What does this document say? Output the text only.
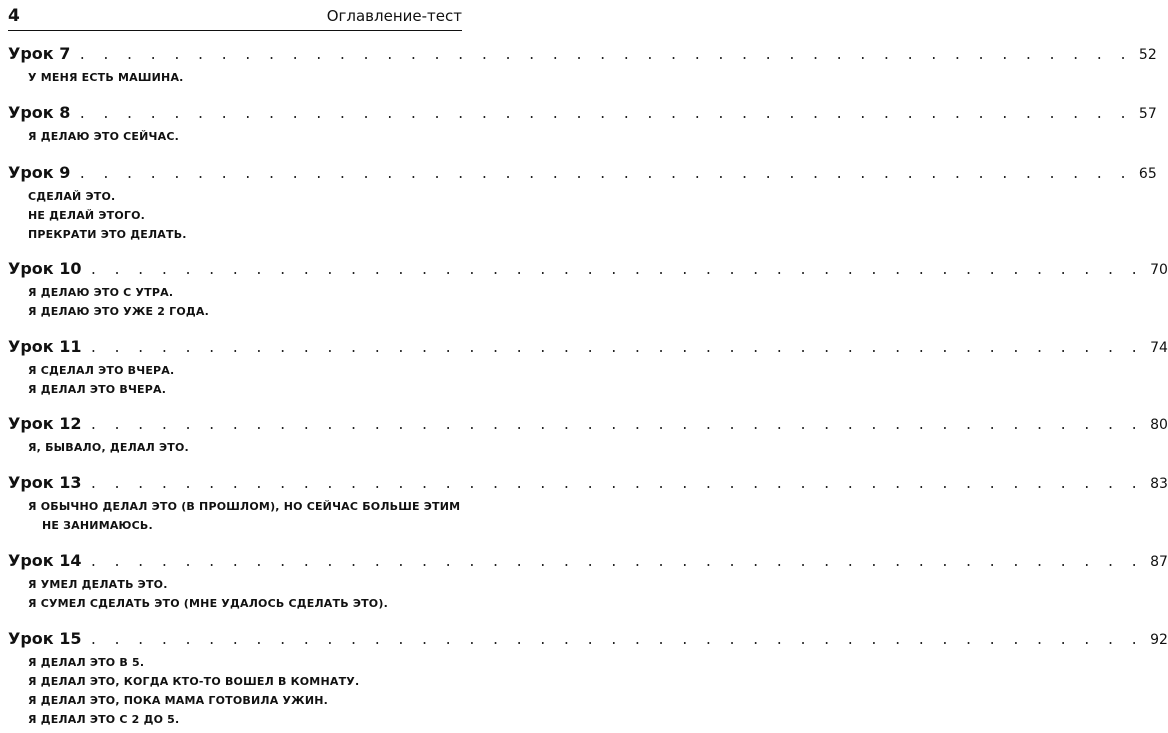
4	Оглавление-тест
Урок 7 . . . . . . . . . . . . . . . . . . . . . . . . . . . . . . . . . . . . . . . . . . . . . 52
У МЕНЯ ЕСТЬ МАШИНА.
Урок 8 . . . . . . . . . . . . . . . . . . . . . . . . . . . . . . . . . . . . . . . . . . . . . 57
Я ДЕЛАЮ ЭТО СЕЙЧАС.
Урок 9 . . . . . . . . . . . . . . . . . . . . . . . . . . . . . . . . . . . . . . . . . . . . . 65
СДЕЛАЙ ЭТО.
НЕ ДЕЛАЙ ЭТОГО.
ПРЕКРАТИ ЭТО ДЕЛАТЬ.
Урок 10 . . . . . . . . . . . . . . . . . . . . . . . . . . . . . . . . . . . . . . . . . . . . . 70
Я ДЕЛАЮ ЭТО С УТРА.
Я ДЕЛАЮ ЭТО УЖЕ 2 ГОДА.
Урок 11 . . . . . . . . . . . . . . . . . . . . . . . . . . . . . . . . . . . . . . . . . . . . . 74
Я СДЕЛАЛ ЭТО ВЧЕРА.
Я ДЕЛАЛ ЭТО ВЧЕРА.
Урок 12 . . . . . . . . . . . . . . . . . . . . . . . . . . . . . . . . . . . . . . . . . . . . . 80
Я, БЫВАЛО, ДЕЛАЛ ЭТО.
Урок 13 . . . . . . . . . . . . . . . . . . . . . . . . . . . . . . . . . . . . . . . . . . . . . 83
Я ОБЫЧНО ДЕЛАЛ ЭТО (В ПРОШЛОМ), НО СЕЙЧАС БОЛЬШЕ ЭТИМ
НЕ ЗАНИМАЮСЬ.
Урок 14 . . . . . . . . . . . . . . . . . . . . . . . . . . . . . . . . . . . . . . . . . . . . . 87
Я УМЕЛ ДЕЛАТЬ ЭТО.
Я СУМЕЛ СДЕЛАТЬ ЭТО (МНЕ УДАЛОСЬ СДЕЛАТЬ ЭТО).
Урок 15 . . . . . . . . . . . . . . . . . . . . . . . . . . . . . . . . . . . . . . . . . . . . . 92
Я ДЕЛАЛ ЭТО В 5.
Я ДЕЛАЛ ЭТО, КОГДА КТО-ТО ВОШЕЛ В КОМНАТУ.
Я ДЕЛАЛ ЭТО, ПОКА МАМА ГОТОВИЛА УЖИН.
Я ДЕЛАЛ ЭТО С 2 ДО 5.
